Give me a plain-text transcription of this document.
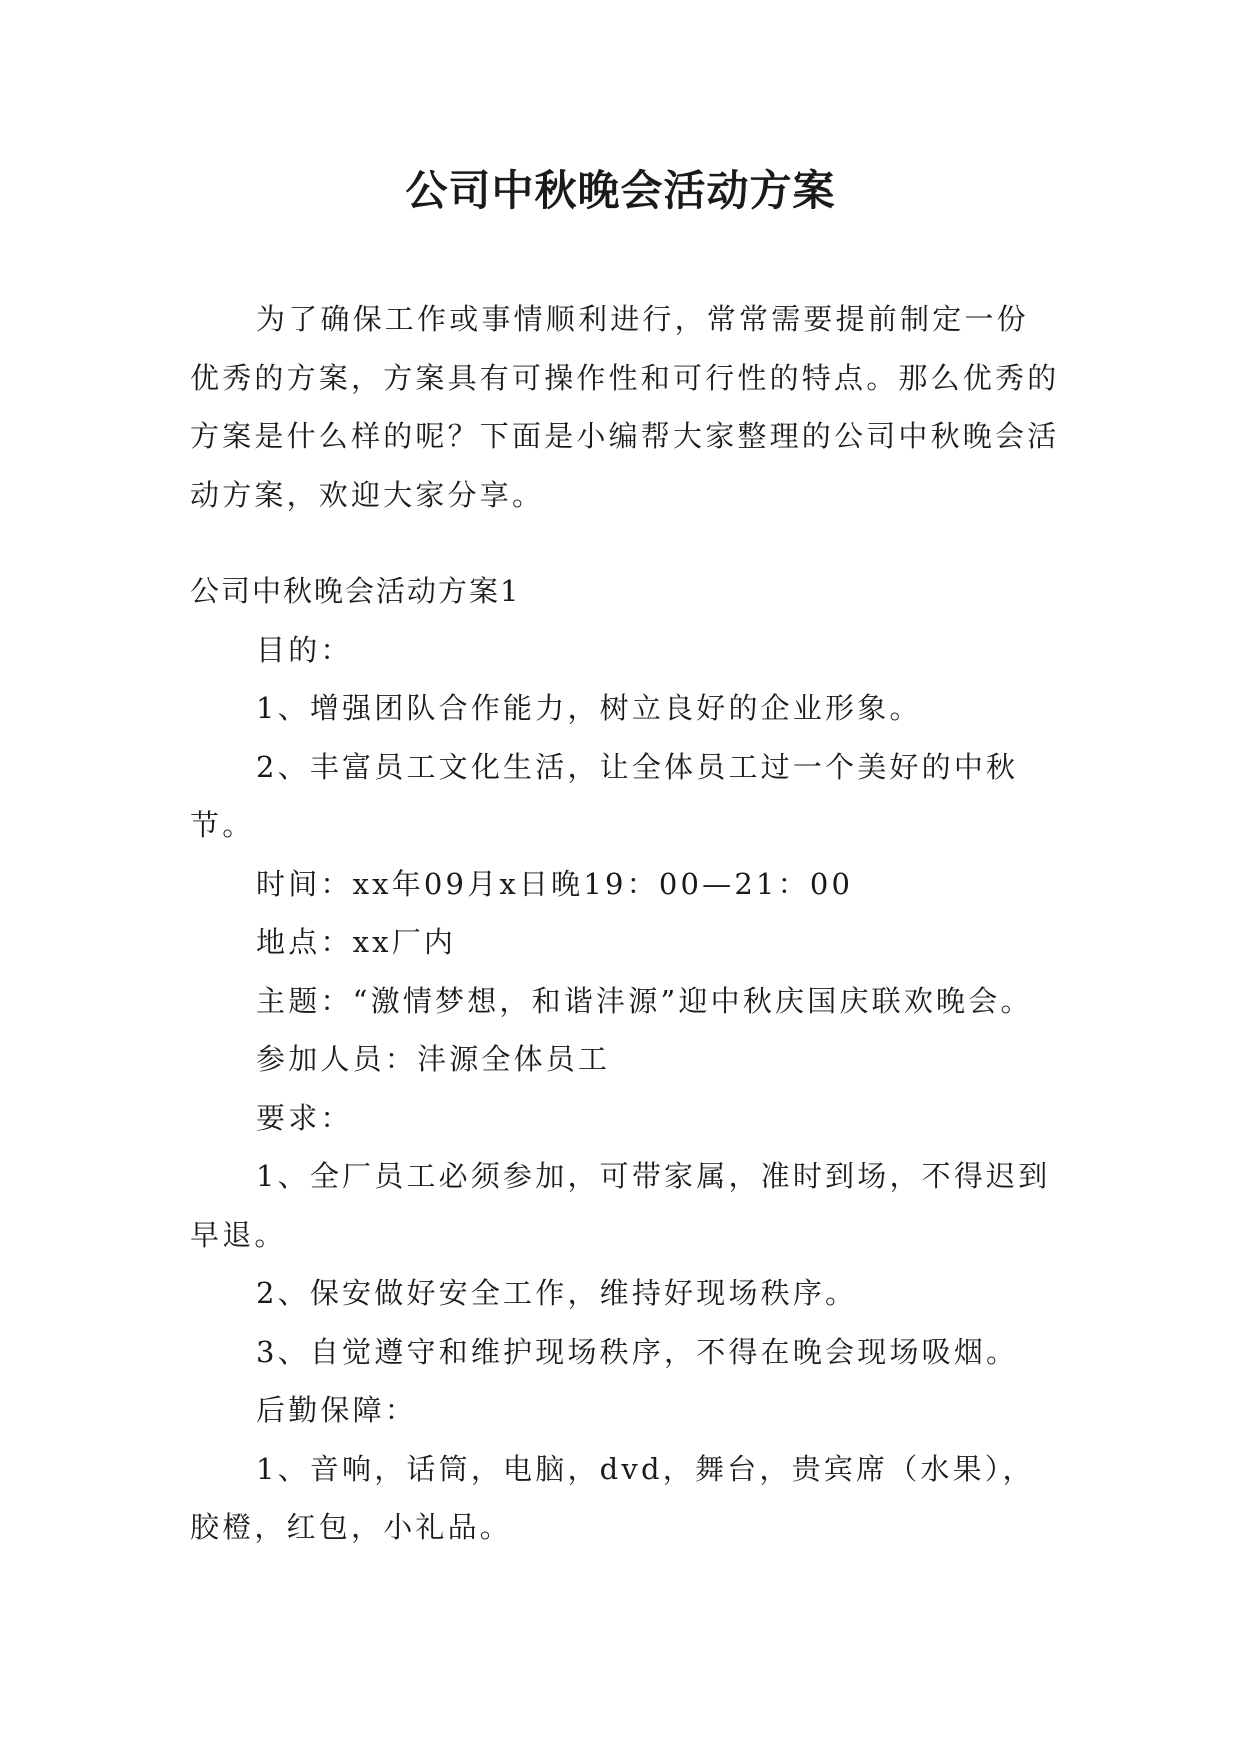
公司中秋晚会活动方案

为了确保工作或事情顺利进行，常常需要提前制定一份优秀的方案，方案具有可操作性和可行性的特点。那么优秀的方案是什么样的呢？下面是小编帮大家整理的公司中秋晚会活动方案，欢迎大家分享。

公司中秋晚会活动方案1

目的：

1、增强团队合作能力，树立良好的企业形象。

2、丰富员工文化生活，让全体员工过一个美好的中秋节。

时间：xx年09月x日晚19：00—21：00

地点：xx厂内

主题：“激情梦想，和谐沣源”迎中秋庆国庆联欢晚会。

参加人员：沣源全体员工

要求：

1、全厂员工必须参加，可带家属，准时到场，不得迟到早退。

2、保安做好安全工作，维持好现场秩序。

3、自觉遵守和维护现场秩序，不得在晚会现场吸烟。

后勤保障：

1、音响，话筒，电脑，dvd，舞台，贵宾席（水果），胶橙，红包，小礼品。
